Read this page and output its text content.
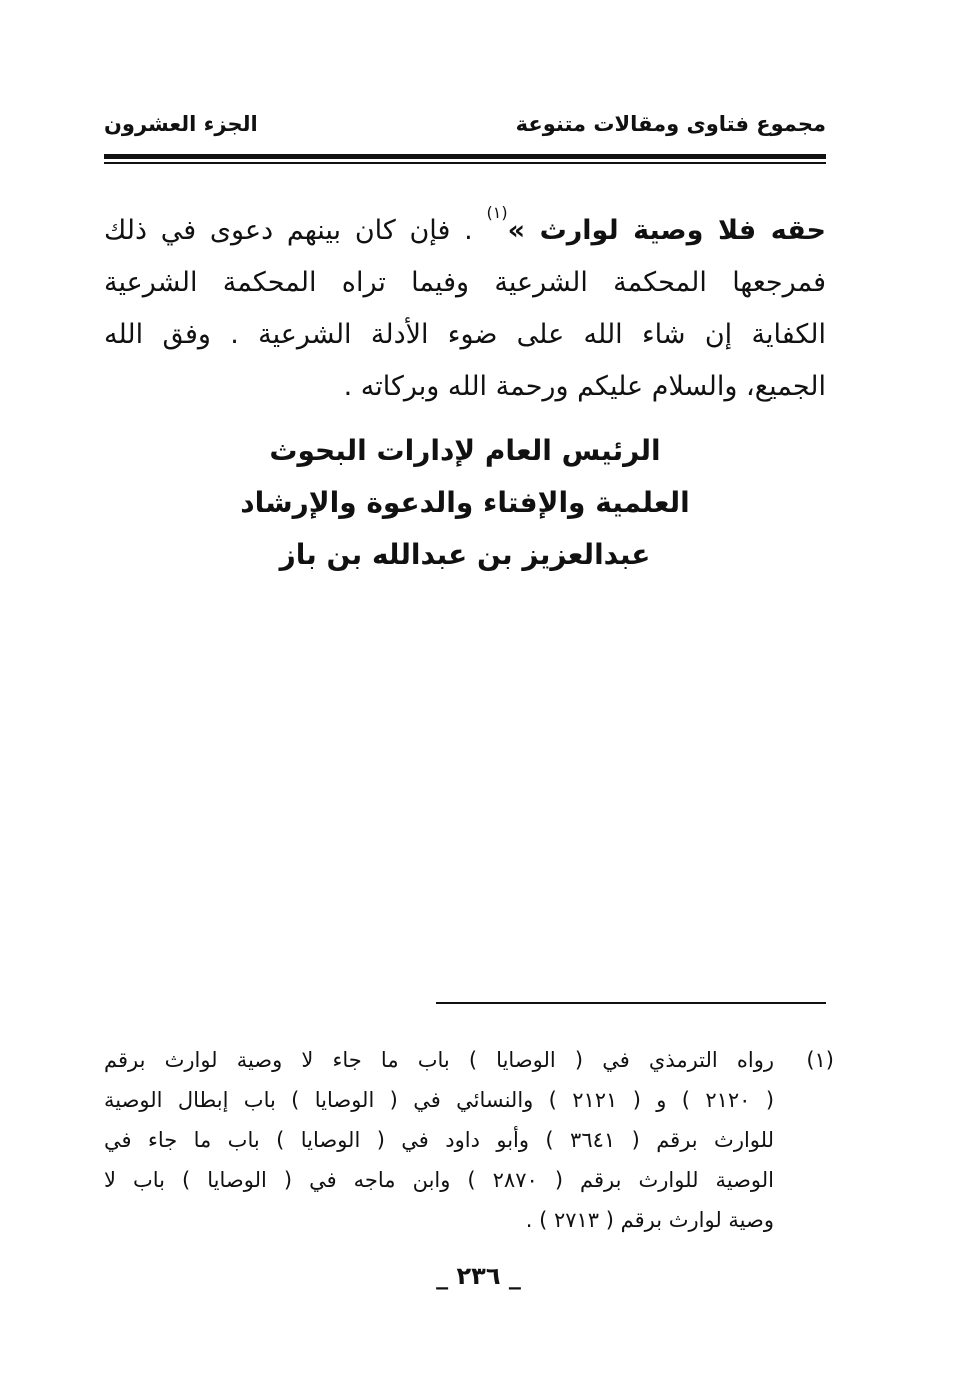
مجموع فتاوى ومقالات متنوعة
الجزء العشرون
حقه فلا وصية لوارث »$^{(١)}$ . فإن كان بينهم دعوى في ذلك
فمرجعها المحكمة الشرعية وفيما تراه المحكمة الشرعية
الكفاية إن شاء الله على ضوء الأدلة الشرعية . وفق الله
الجميع، والسلام عليكم ورحمة الله وبركاته .
الرئيس العام لإدارات البحوث
العلمية والإفتاء والدعوة والإرشاد
عبدالعزيز بن عبدالله بن باز
(١)
رواه الترمذي في ( الوصايا ) باب ما جاء لا وصية لوارث برقم
( ٢١٢٠ ) و ( ٢١٢١ ) والنسائي في ( الوصايا ) باب إبطال الوصية
للوارث برقم ( ٣٦٤١ ) وأبو داود في ( الوصايا ) باب ما جاء في
الوصية للوارث برقم ( ٢٨٧٠ ) وابن ماجه في ( الوصايا ) باب لا
وصية لوارث برقم ( ٢٧١٣ ) .
_ ٢٣٦ _
